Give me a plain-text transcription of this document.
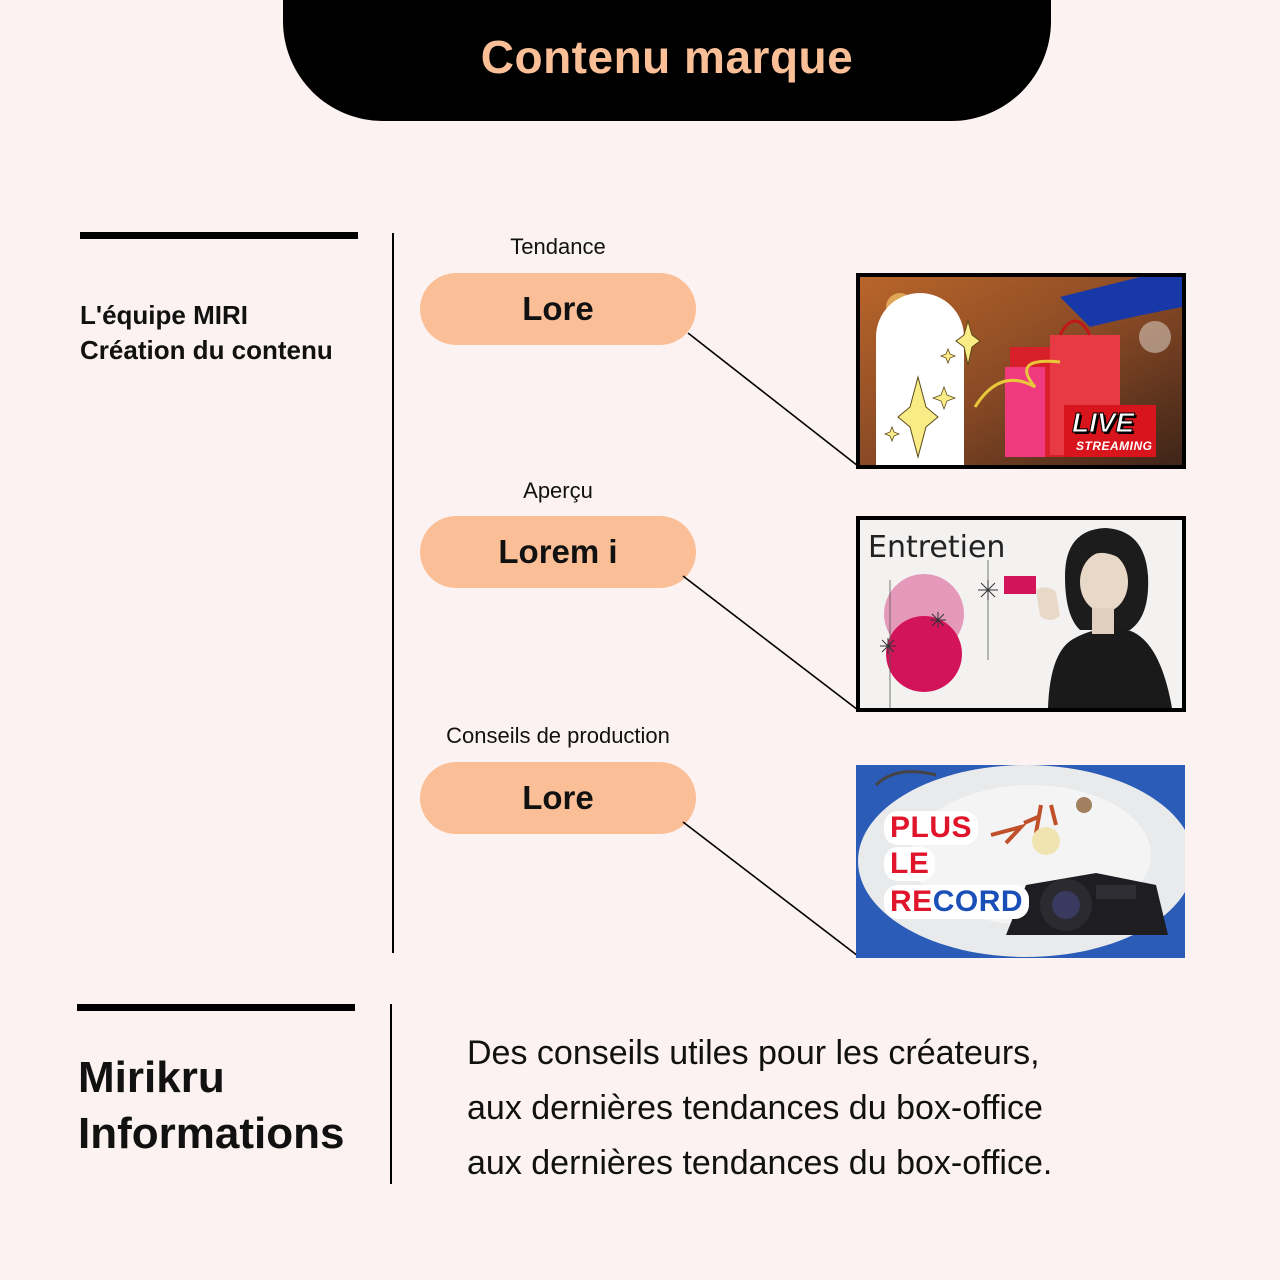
Contenu marque
L'équipe MIRI
Création du contenu
Tendance
Lore
Aperçu
Lorem i
Conseils de production
Lore
LIVE
STREAMING
Entretien
PLUS
LE
RECORD
Mirikru
Informations
Des conseils utiles pour les créateurs,
aux dernières tendances du box-office
aux dernières tendances du box-office.
